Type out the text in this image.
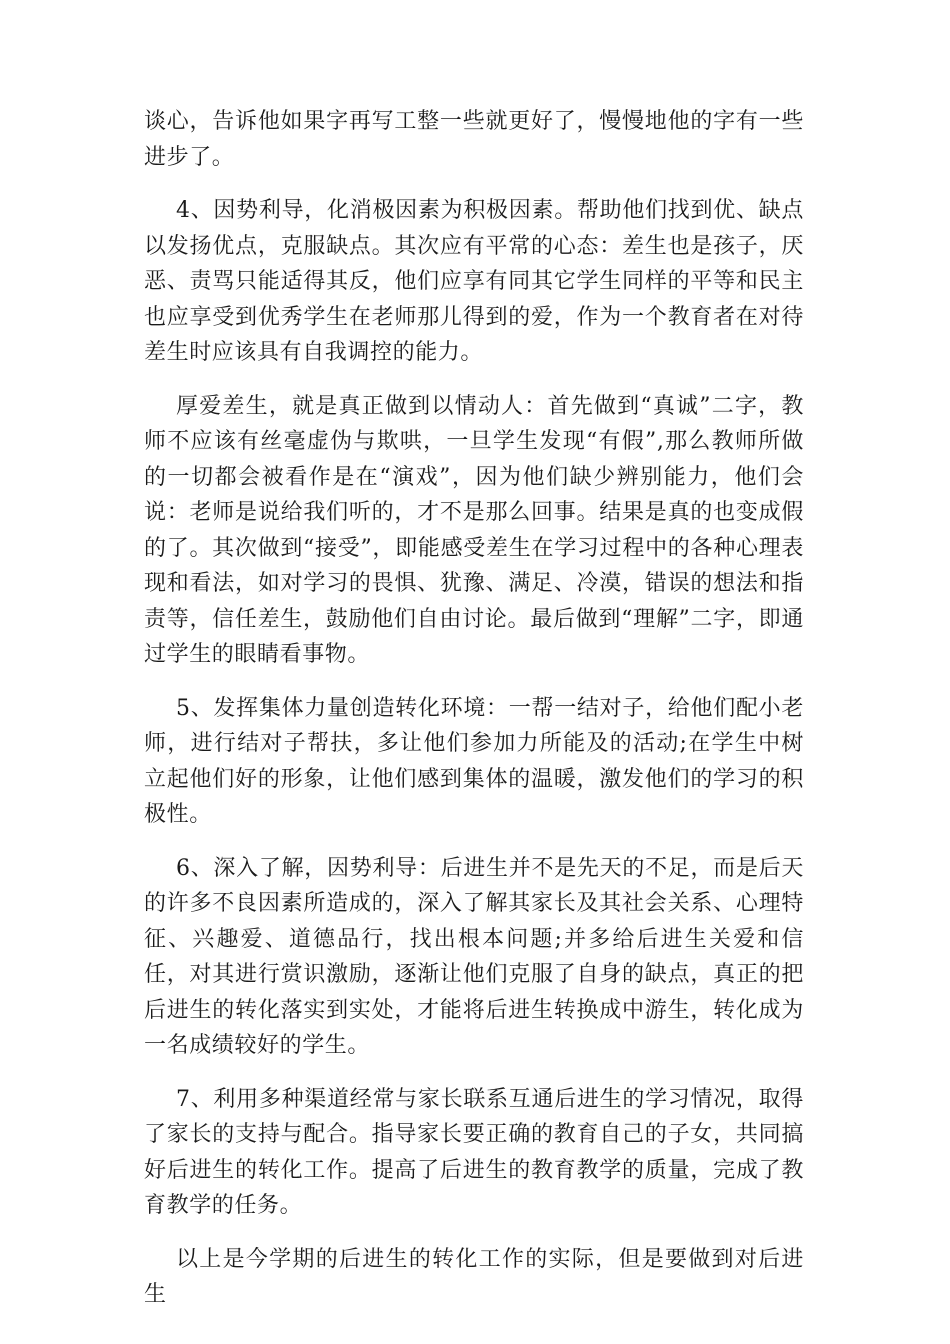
谈心，告诉他如果字再写工整一些就更好了，慢慢地他的字有一些进步了。

4、因势利导，化消极因素为积极因素。帮助他们找到优、缺点以发扬优点，克服缺点。其次应有平常的心态：差生也是孩子，厌恶、责骂只能适得其反，他们应享有同其它学生同样的平等和民主也应享受到优秀学生在老师那儿得到的爱，作为一个教育者在对待差生时应该具有自我调控的能力。

厚爱差生，就是真正做到以情动人：首先做到“真诚”二字，教师不应该有丝毫虚伪与欺哄，一旦学生发现“有假”,那么教师所做的一切都会被看作是在“演戏”，因为他们缺少辨别能力，他们会说：老师是说给我们听的，才不是那么回事。结果是真的也变成假的了。其次做到“接受”，即能感受差生在学习过程中的各种心理表现和看法，如对学习的畏惧、犹豫、满足、冷漠，错误的想法和指责等，信任差生，鼓励他们自由讨论。最后做到“理解”二字，即通过学生的眼睛看事物。

5、发挥集体力量创造转化环境：一帮一结对子，给他们配小老师，进行结对子帮扶，多让他们参加力所能及的活动;在学生中树立起他们好的形象，让他们感到集体的温暖，激发他们的学习的积极性。

6、深入了解，因势利导：后进生并不是先天的不足，而是后天的许多不良因素所造成的，深入了解其家长及其社会关系、心理特征、兴趣爱、道德品行，找出根本问题;并多给后进生关爱和信任，对其进行赏识激励，逐渐让他们克服了自身的缺点，真正的把后进生的转化落实到实处，才能将后进生转换成中游生，转化成为一名成绩较好的学生。

7、利用多种渠道经常与家长联系互通后进生的学习情况，取得了家长的支持与配合。指导家长要正确的教育自己的子女，共同搞好后进生的转化工作。提高了后进生的教育教学的质量，完成了教育教学的任务。

以上是今学期的后进生的转化工作的实际，但是要做到对后进生
